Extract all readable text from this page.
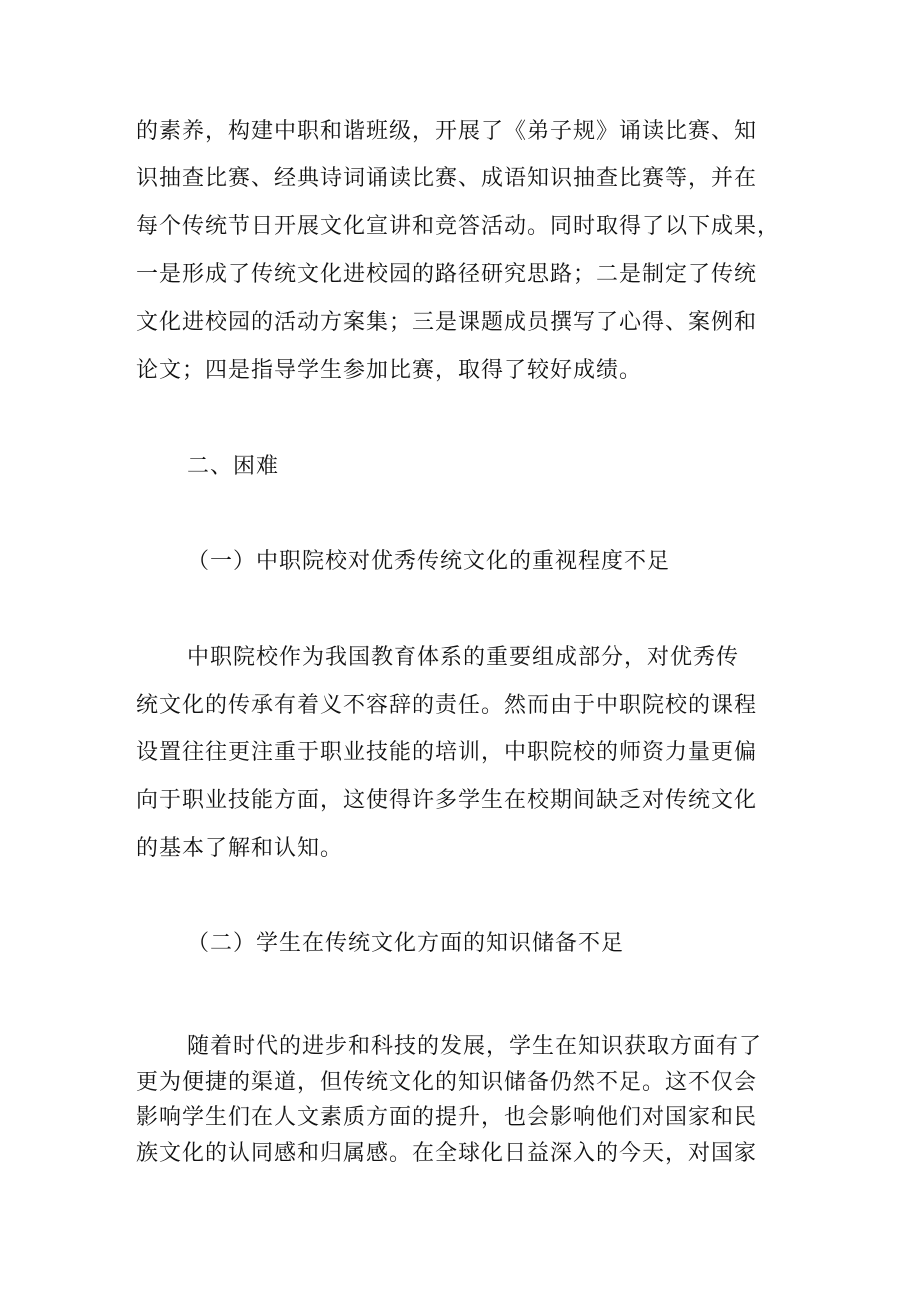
的素养，构建中职和谐班级，开展了《弟子规》诵读比赛、知
识抽查比赛、经典诗词诵读比赛、成语知识抽查比赛等，并在
每个传统节日开展文化宣讲和竞答活动。同时取得了以下成果，
一是形成了传统文化进校园的路径研究思路；二是制定了传统
文化进校园的活动方案集；三是课题成员撰写了心得、案例和
论文；四是指导学生参加比赛，取得了较好成绩。
二、困难
（一）中职院校对优秀传统文化的重视程度不足
中职院校作为我国教育体系的重要组成部分，对优秀传
统文化的传承有着义不容辞的责任。然而由于中职院校的课程
设置往往更注重于职业技能的培训，中职院校的师资力量更偏
向于职业技能方面，这使得许多学生在校期间缺乏对传统文化
的基本了解和认知。
（二）学生在传统文化方面的知识储备不足
随着时代的进步和科技的发展，学生在知识获取方面有了
更为便捷的渠道，但传统文化的知识储备仍然不足。这不仅会
影响学生们在人文素质方面的提升，也会影响他们对国家和民
族文化的认同感和归属感。在全球化日益深入的今天，对国家
